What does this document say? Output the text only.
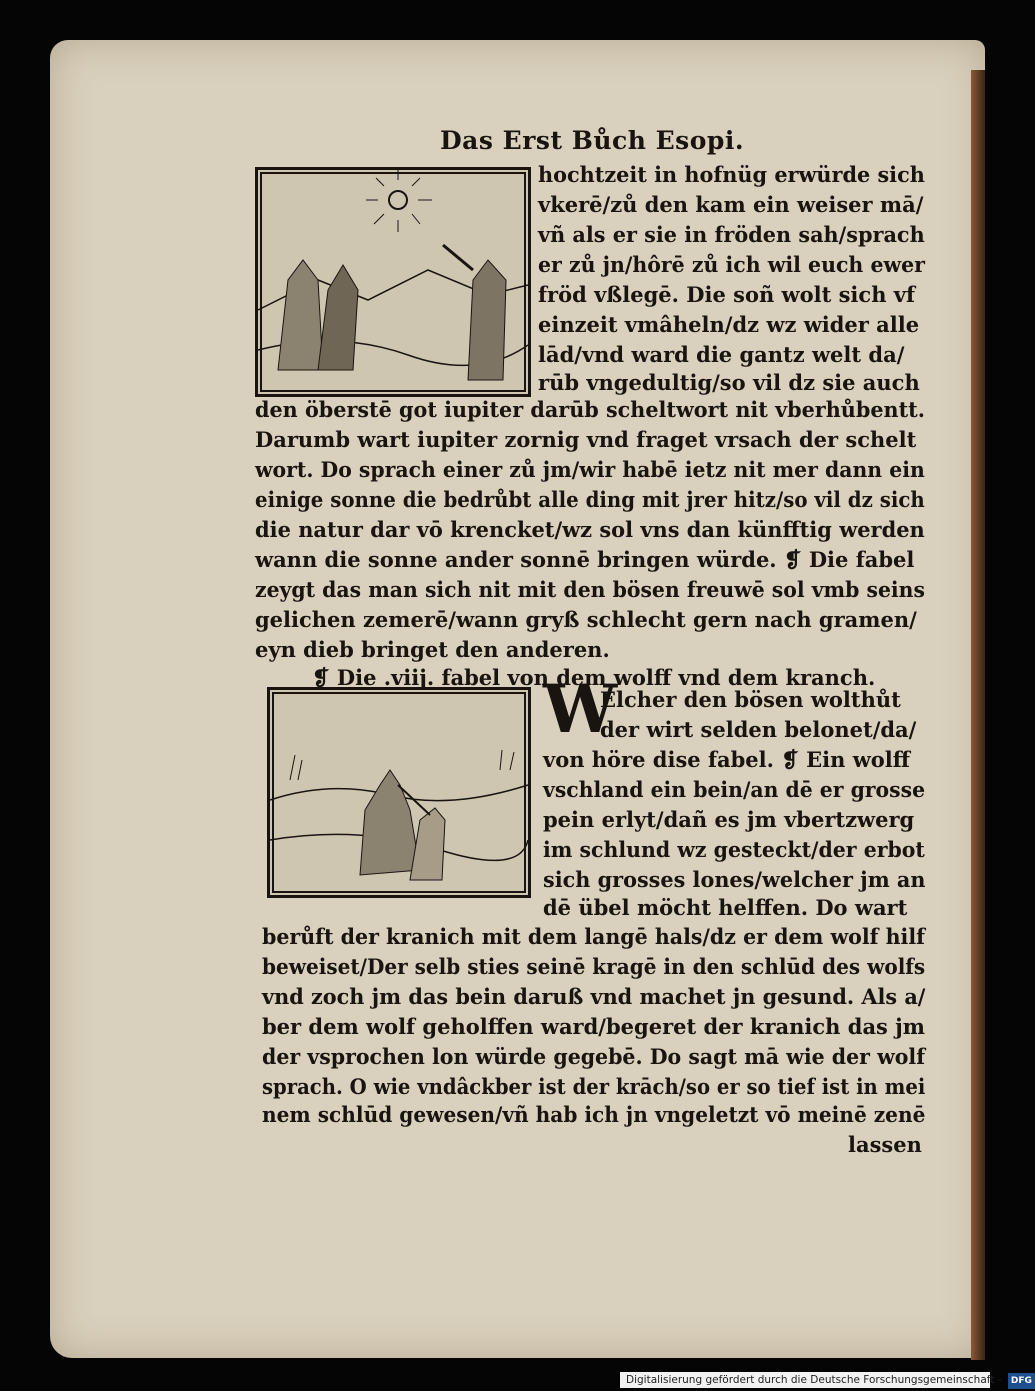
Das Erst Bůch Esopi.
hochtzeit in hofnüg erwürde sich
vkerē/zů den kam ein weiser mā/
vñ als er sie in fröden sah/sprach
er zů jn/hôrē zů ich wil euch ewer
fröd vßlegē. Die soñ wolt sich vf
einzeit vmâheln/dz wz wider alle
lād/vnd ward die gantz welt da/
rūb vngedultig/so vil dz sie auch
den öberstē got iupiter darūb scheltwort nit vberhůbentt.
Darumb wart iupiter zornig vnd fraget vrsach der schelt
wort. Do sprach einer zů jm/wir habē ietz nit mer dann ein
einige sonne die bedrůbt alle ding mit jrer hitz/so vil dz sich
die natur dar vō krencket/wz sol vns dan künfftig werden
wann die sonne ander sonnē bringen würde. ❡ Die fabel
zeygt das man sich nit mit den bösen freuwē sol vmb seins
gelichen zemerē/wann gryß schlecht gern nach gramen/
eyn dieb bringet den anderen.
❡ Die .viij. fabel von dem wolff vnd dem kranch.
W
Elcher den bösen wolthůt
der wirt selden belonet/da/
von höre dise fabel. ❡ Ein wolff
vschland ein bein/an dē er grosse
pein erlyt/dañ es jm vbertzwerg
im schlund wz gesteckt/der erbot
sich grosses lones/welcher jm an
dē übel möcht helffen. Do wart
berůft der kranich mit dem langē hals/dz er dem wolf hilf
beweiset/Der selb sties seinē kragē in den schlūd des wolfs
vnd zoch jm das bein daruß vnd machet jn gesund. Als a/
ber dem wolf geholffen ward/begeret der kranich das jm
der vsprochen lon würde gegebē. Do sagt mā wie der wolf
sprach. O wie vndâckber ist der krāch/so er so tief ist in mei
nem schlūd gewesen/vñ hab ich jn vngeletzt vō meinē zenē
lassen
Digitalisierung gefördert durch die Deutsche Forschungsgemeinschaft - DFG
